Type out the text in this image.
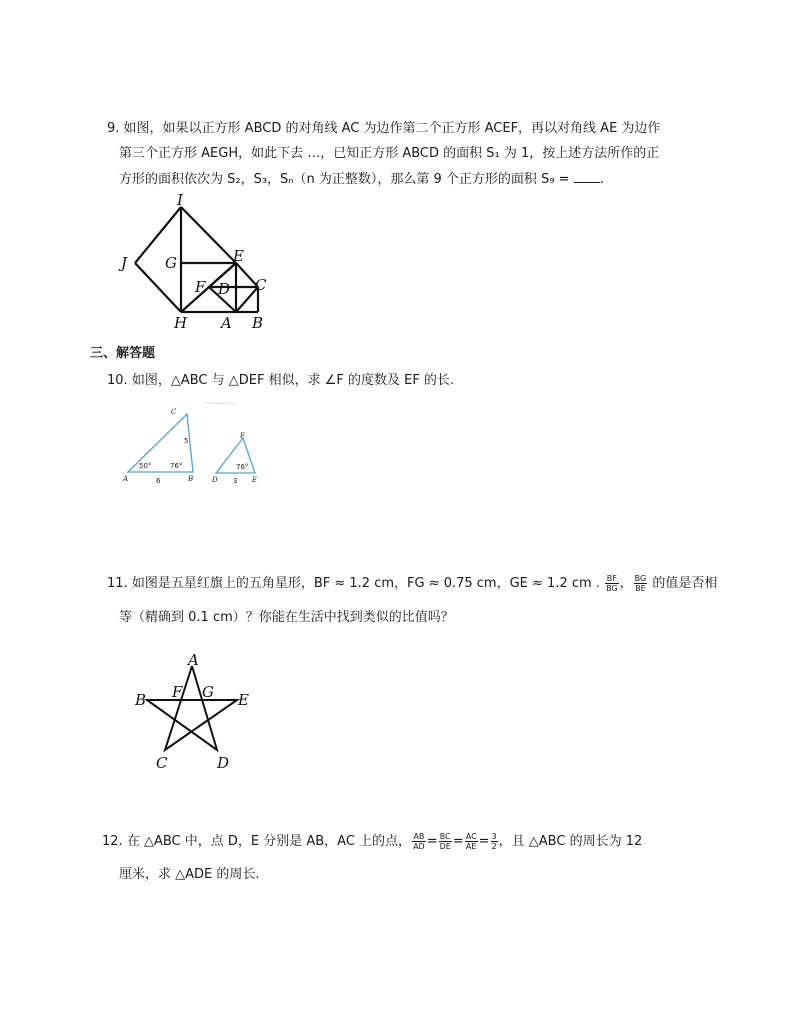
9. 如图，如果以正方形 ABCD 的对角线 AC 为边作第二个正方形 ACEF，再以对角线 AE 为边作
第三个正方形 AEGH，如此下去 …，已知正方形 ABCD 的面积 S₁ 为 1，按上述方法所作的正
方形的面积依次为 S₂，S₃，Sₙ（n 为正整数），那么第 9 个正方形的面积 S₉ = .
I
J	G	E
F D C
H A B
三、解答题
10. 如图，△ABC 与 △DEF 相似，求 ∠F 的度数及 EF 的长.
C
A	B
5
6
50°	76°
F
D	E
3
76°
11. 如图是五星红旗上的五角星形，BF ≈ 1.2 cm，FG ≈ 0.75 cm，GE ≈ 1.2 cm . $\frac{BF}{BG}$ ， $\frac{BG}{BE}$ 的值是否相
等（精确到 0.1 cm）？你能在生活中找到类似的比值吗？
A
B F G E
C	D
12. 在 △ABC 中，点 D，E 分别是 AB，AC 上的点， $\frac{AB}{AD} = \frac{BC}{DE} = \frac{AC}{AE} = \frac{3}{2}$ ，且 △ABC 的周长为 12
厘米，求 △ADE 的周长.
